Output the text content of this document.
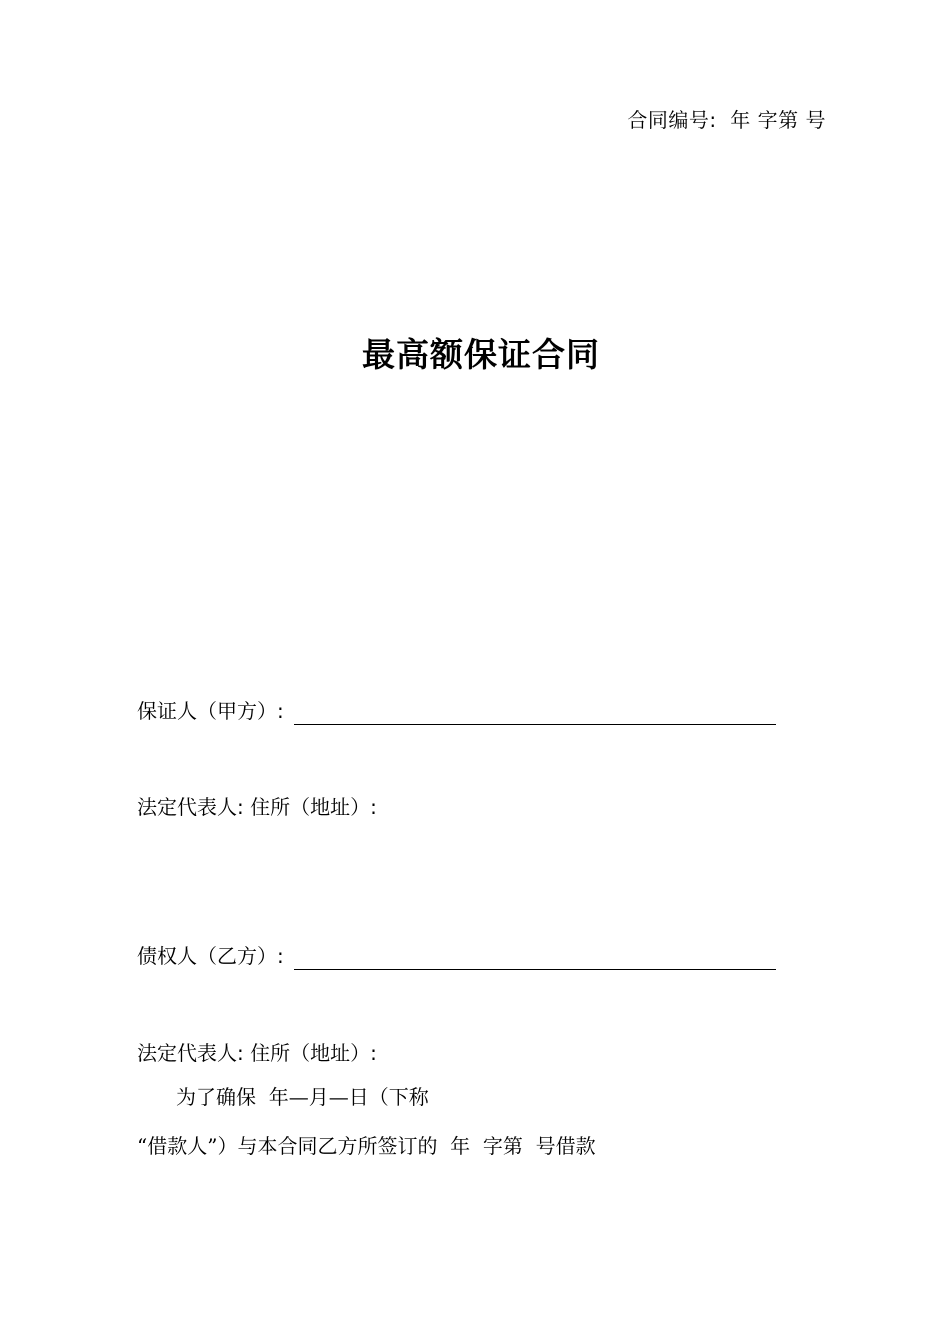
合同编号:  年 字第 号
最高额保证合同
保证人（甲方）:
法定代表人: 住所（地址）:
债权人（乙方）:
法定代表人: 住所（地址）:
为了确保  年—月—日（下称
“借款人”）与本合同乙方所签订的  年  字第  号借款
